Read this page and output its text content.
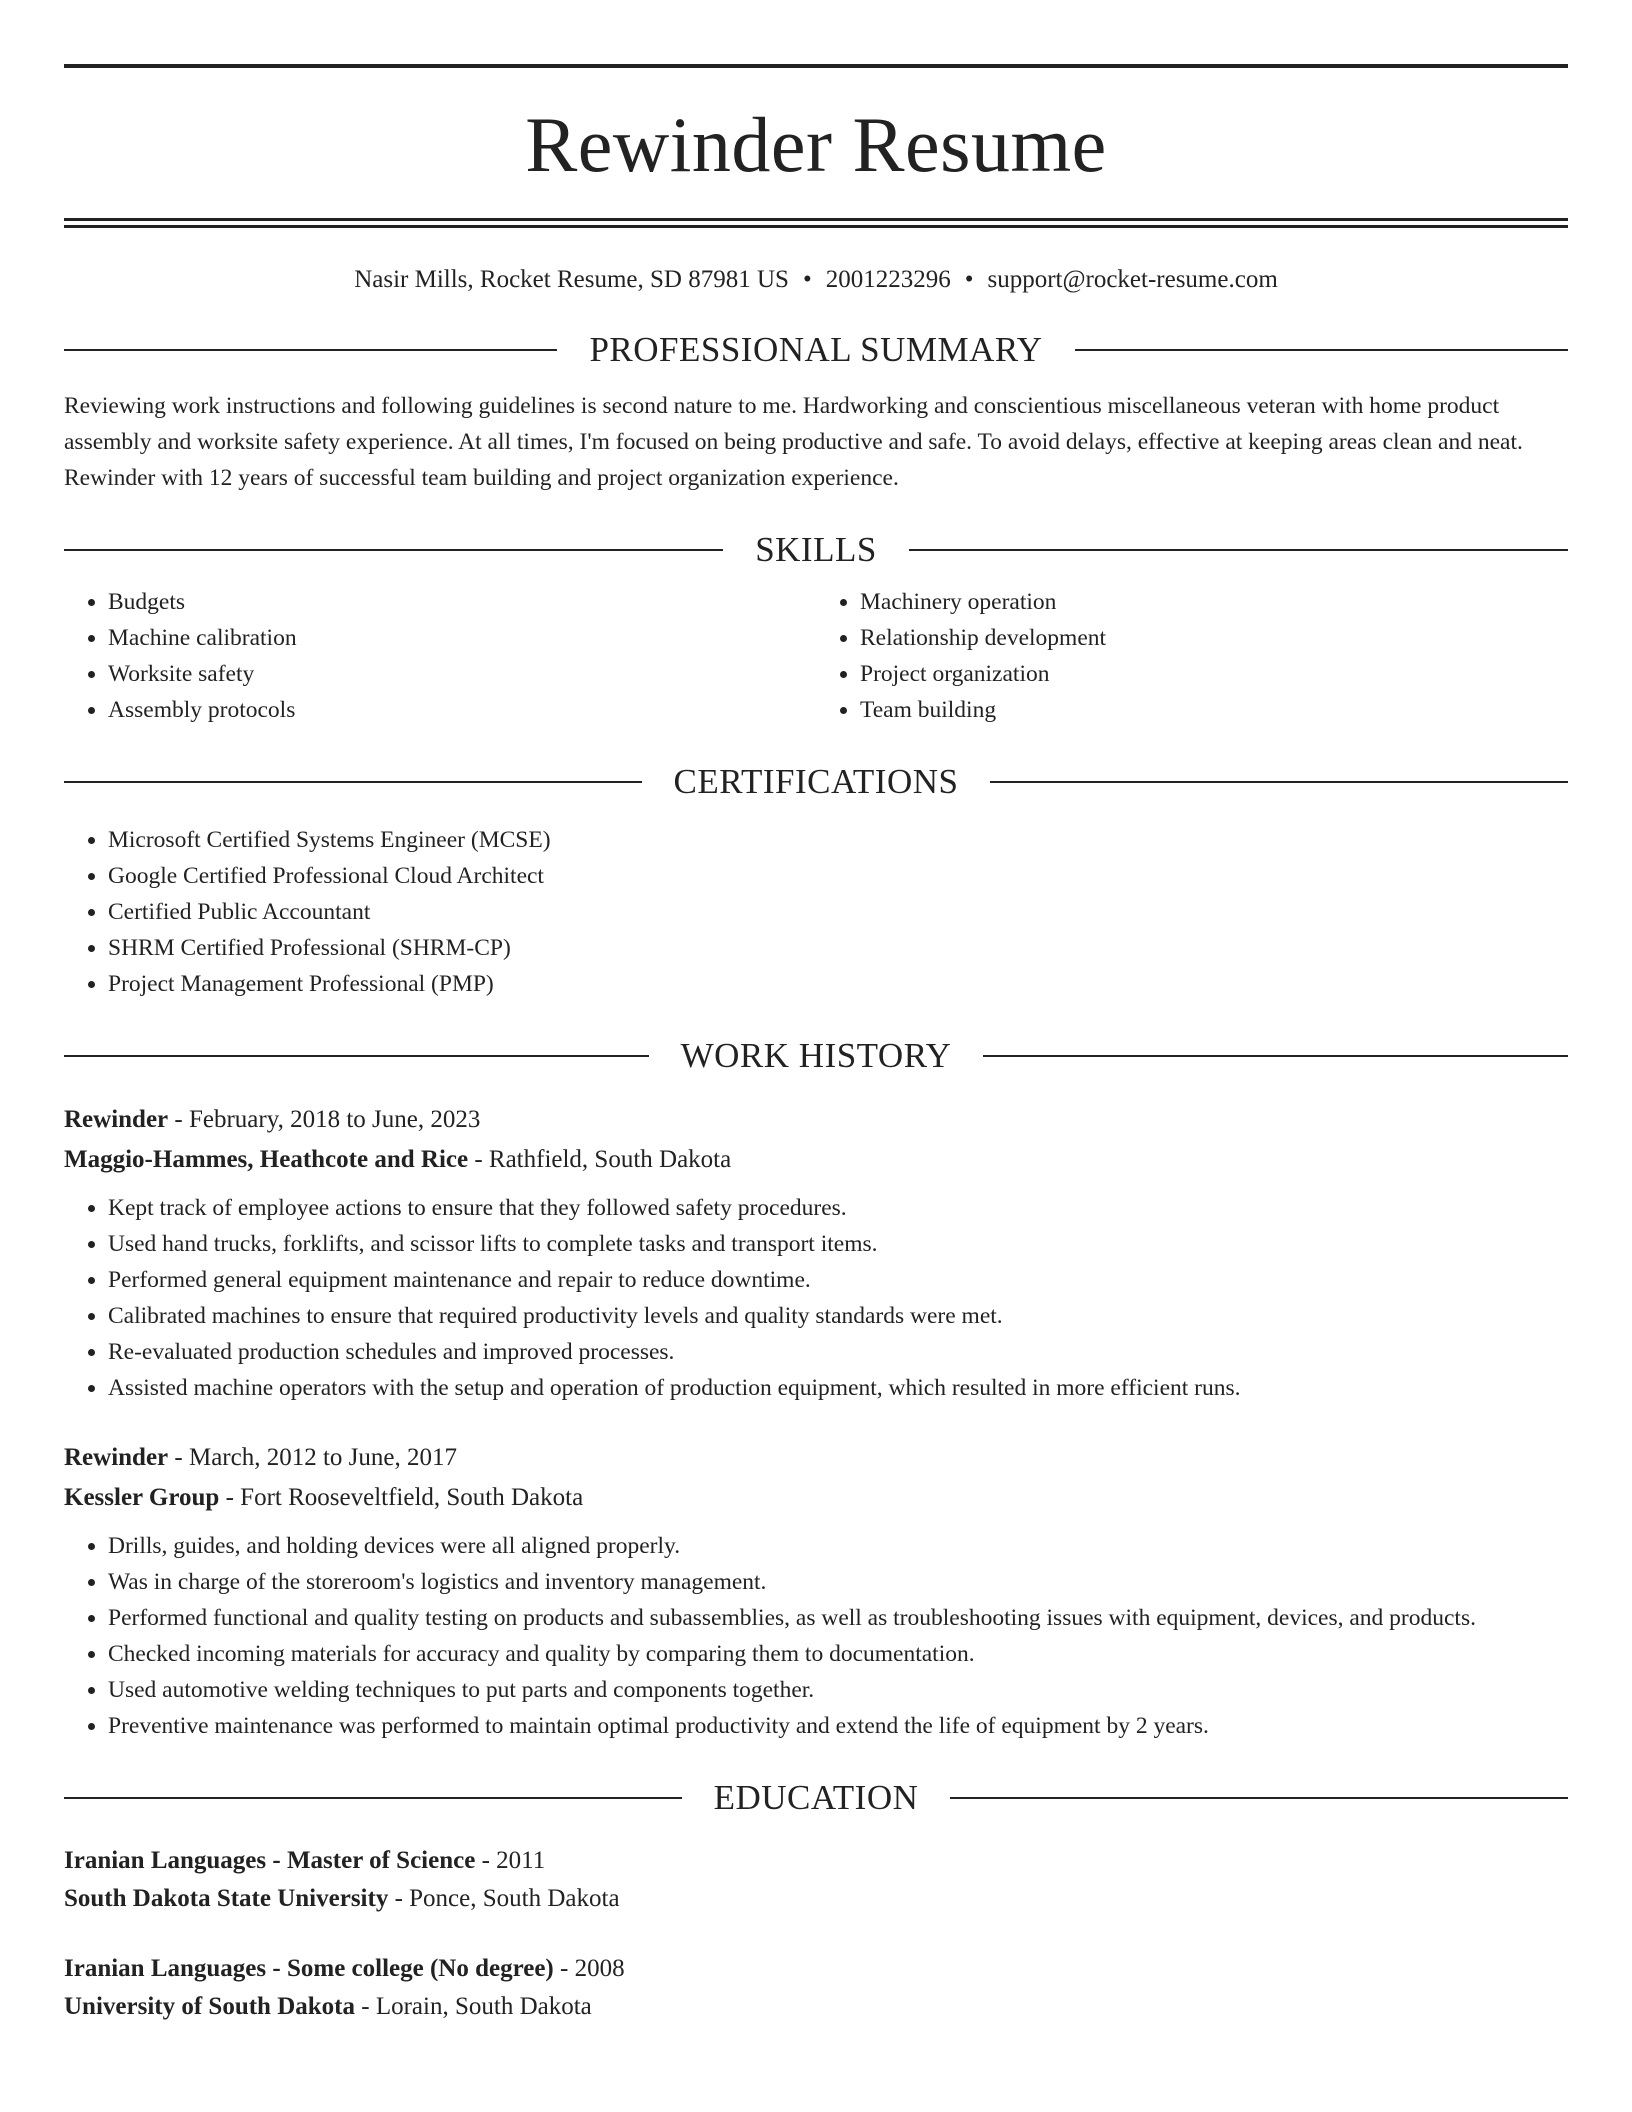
Rewinder Resume
Nasir Mills, Rocket Resume, SD 87981 US • 2001223296 • support@rocket-resume.com
PROFESSIONAL SUMMARY
Reviewing work instructions and following guidelines is second nature to me. Hardworking and conscientious miscellaneous veteran with home product assembly and worksite safety experience. At all times, I'm focused on being productive and safe. To avoid delays, effective at keeping areas clean and neat. Rewinder with 12 years of successful team building and project organization experience.
SKILLS
• Budgets
• Machine calibration
• Worksite safety
• Assembly protocols
• Machinery operation
• Relationship development
• Project organization
• Team building
CERTIFICATIONS
• Microsoft Certified Systems Engineer (MCSE)
• Google Certified Professional Cloud Architect
• Certified Public Accountant
• SHRM Certified Professional (SHRM-CP)
• Project Management Professional (PMP)
WORK HISTORY
Rewinder - February, 2018 to June, 2023
Maggio-Hammes, Heathcote and Rice - Rathfield, South Dakota
• Kept track of employee actions to ensure that they followed safety procedures.
• Used hand trucks, forklifts, and scissor lifts to complete tasks and transport items.
• Performed general equipment maintenance and repair to reduce downtime.
• Calibrated machines to ensure that required productivity levels and quality standards were met.
• Re-evaluated production schedules and improved processes.
• Assisted machine operators with the setup and operation of production equipment, which resulted in more efficient runs.
Rewinder - March, 2012 to June, 2017
Kessler Group - Fort Rooseveltfield, South Dakota
• Drills, guides, and holding devices were all aligned properly.
• Was in charge of the storeroom's logistics and inventory management.
• Performed functional and quality testing on products and subassemblies, as well as troubleshooting issues with equipment, devices, and products.
• Checked incoming materials for accuracy and quality by comparing them to documentation.
• Used automotive welding techniques to put parts and components together.
• Preventive maintenance was performed to maintain optimal productivity and extend the life of equipment by 2 years.
EDUCATION
Iranian Languages - Master of Science - 2011
South Dakota State University - Ponce, South Dakota
Iranian Languages - Some college (No degree) - 2008
University of South Dakota - Lorain, South Dakota
